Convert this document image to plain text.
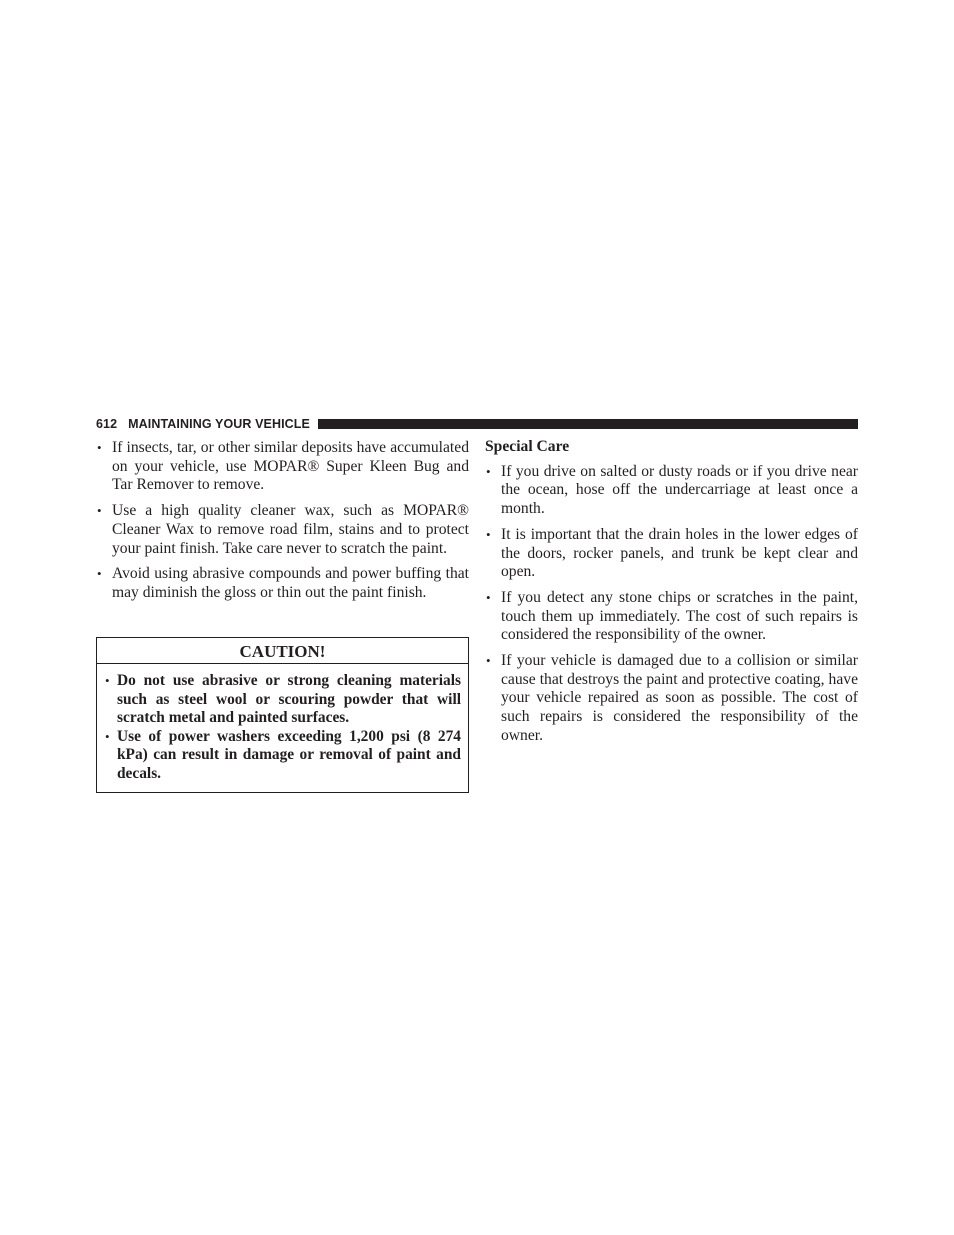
612 MAINTAINING YOUR VEHICLE
• If insects, tar, or other similar deposits have accumulated on your vehicle, use MOPAR® Super Kleen Bug and Tar Remover to remove.
• Use a high quality cleaner wax, such as MOPAR® Cleaner Wax to remove road film, stains and to protect your paint finish. Take care never to scratch the paint.
• Avoid using abrasive compounds and power buffing that may diminish the gloss or thin out the paint finish.
CAUTION!
• Do not use abrasive or strong cleaning materials such as steel wool or scouring powder that will scratch metal and painted surfaces.
• Use of power washers exceeding 1,200 psi (8 274 kPa) can result in damage or removal of paint and decals.
Special Care
• If you drive on salted or dusty roads or if you drive near the ocean, hose off the undercarriage at least once a month.
• It is important that the drain holes in the lower edges of the doors, rocker panels, and trunk be kept clear and open.
• If you detect any stone chips or scratches in the paint, touch them up immediately. The cost of such repairs is considered the responsibility of the owner.
• If your vehicle is damaged due to a collision or similar cause that destroys the paint and protective coating, have your vehicle repaired as soon as possible. The cost of such repairs is considered the responsibility of the owner.
